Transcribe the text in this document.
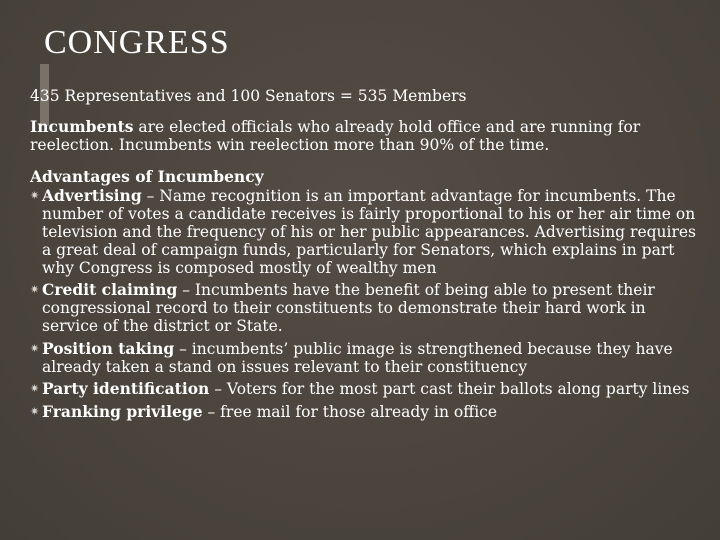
CONGRESS

435 Representatives and 100 Senators = 535 Members

Incumbents are elected officials who already hold office and are running for reelection. Incumbents win reelection more than 90% of the time.

Advantages of Incumbency

✷ Advertising – Name recognition is an important advantage for incumbents. The number of votes a candidate receives is fairly proportional to his or her air time on television and the frequency of his or her public appearances. Advertising requires a great deal of campaign funds, particularly for Senators, which explains in part why Congress is composed mostly of wealthy men
✷ Credit claiming – Incumbents have the benefit of being able to present their congressional record to their constituents to demonstrate their hard work in service of the district or State.
✷ Position taking – incumbents’ public image is strengthened because they have already taken a stand on issues relevant to their constituency
✷ Party identification – Voters for the most part cast their ballots along party lines
✷ Franking privilege – free mail for those already in office
